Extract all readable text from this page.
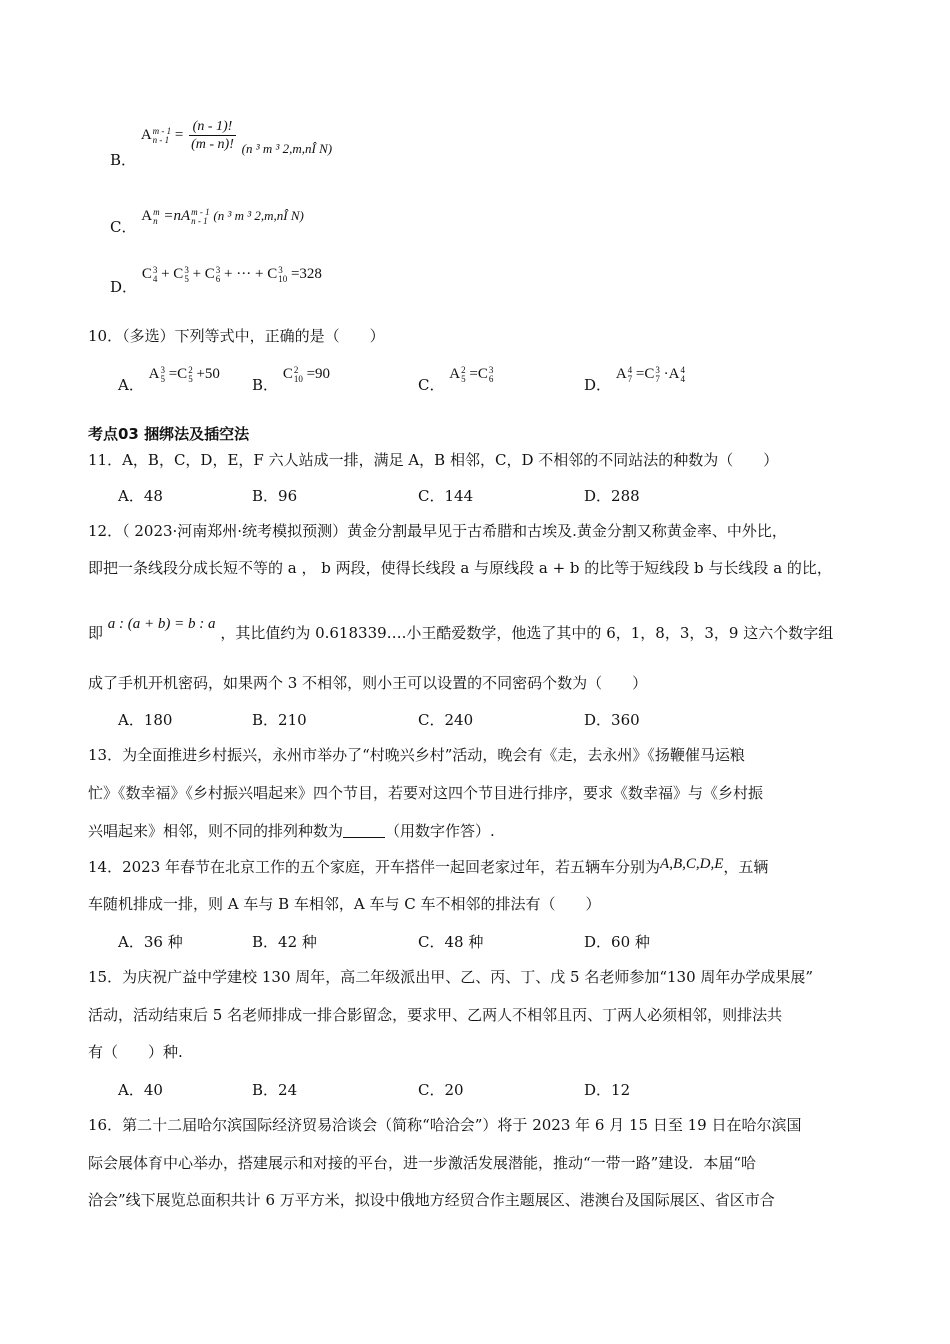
B． A m - 1
$n - 1 = \frac{(n - 1)!}{(m - n)!} (n$ ³ m ³ 2,m,nÎ N)
C． A m
n =nA m - 1
n - 1 (n ³ m ³ 2,m,nÎ N)
D． C 3
4 + C 3
5 + C 3
6 + ··· + C 3
10 =328
10．（多选）下列等式中，正确的是（　　）
A． A 3
5 =C 2
5 +50
B． C 2
10 =90
C． A 2
5 =C 3
6	D． A 4
7 =C 3
7 ·A 4
4
考点03 捆绑法及插空法
11．A，B，C，D，E，F 六人站成一排，满足 A，B 相邻，C，D 不相邻的不同站法的种数为（　　）
A．48	B．96	C．144	D．288
12．（ 2023·河南郑州·统考模拟预测）黄金分割最早见于古希腊和古埃及.黄金分割又称黄金率、中外比，
即把一条线段分成长短不等的 a ， b 两段，使得长线段 a 与原线段 a + b 的比等于短线段 b 与长线段 a 的比，
即 a : (a + b) = b : a ，其比值约为 0.618339….小王酷爱数学，他选了其中的 6，1，8，3，3，9 这六个数字组
成了手机开机密码，如果两个 3 不相邻，则小王可以设置的不同密码个数为（　　）
A．180	B．210	C．240	D．360
13．为全面推进乡村振兴，永州市举办了“村晚兴乡村”活动，晚会有《走，去永州》《扬鞭催马运粮
忙》《数幸福》《乡村振兴唱起来》四个节目，若要对这四个节目进行排序，要求《数幸福》与《乡村振
兴唱起来》相邻，则不同的排列种数为	（用数字作答）.
14．2023 年春节在北京工作的五个家庭，开车搭伴一起回老家过年，若五辆车分别为A,B,C,D,E，五辆
车随机排成一排，则 A 车与 B 车相邻，A 车与 C 车不相邻的排法有（　　）
A．36 种	B．42 种	C．48 种	D．60 种
15．为庆祝广益中学建校 130 周年，高二年级派出甲、乙、丙、丁、戊 5 名老师参加“130 周年办学成果展”
活动，活动结束后 5 名老师排成一排合影留念，要求甲、乙两人不相邻且丙、丁两人必须相邻，则排法共
有（　　）种.
A．40	B．24	C．20	D．12
16．第二十二届哈尔滨国际经济贸易洽谈会（简称“哈洽会”）将于 2023 年 6 月 15 日至 19 日在哈尔滨国
际会展体育中心举办，搭建展示和对接的平台，进一步激活发展潜能，推动“一带一路”建设．本届“哈
洽会”线下展览总面积共计 6 万平方米，拟设中俄地方经贸合作主题展区、港澳台及国际展区、省区市合
